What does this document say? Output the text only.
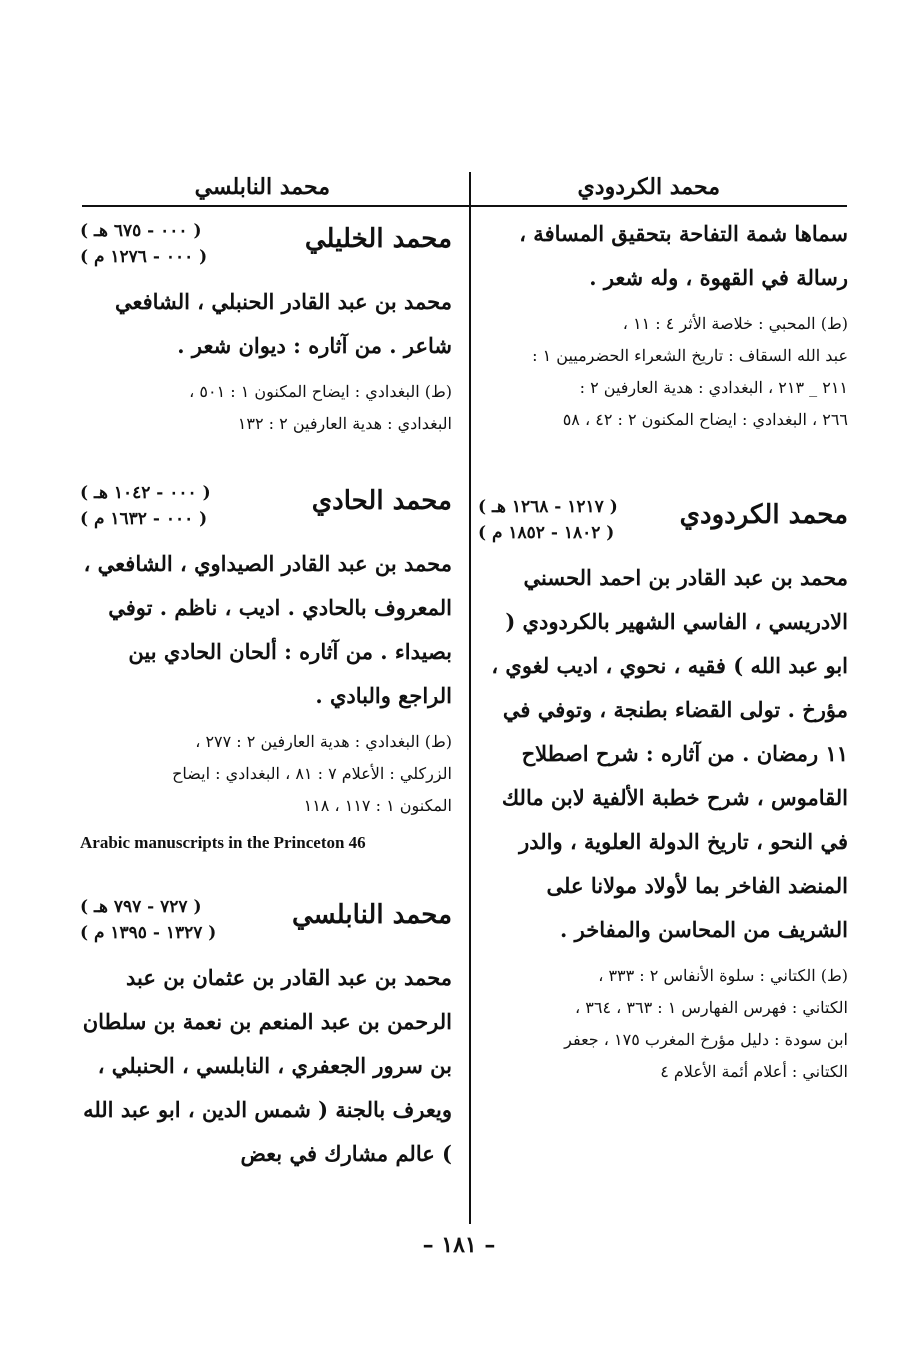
محمد الكردودي
محمد النابلسي

سماها شمة التفاحة بتحقيق المسافة ، رسالة في القهوة ، وله شعر .

(ط) المحبي : خلاصة الأثر ٤ : ١١ ،
عبد الله السقاف : تاريخ الشعراء الحضرميين ١ :
٢١١ _ ٢١٣ ، البغدادي : هدية العارفين ٢ :
٢٦٦ ، البغدادي : ايضاح المكنون ٢ : ٤٢ ، ٥٨
محمد الكردودي
( ١٢١٧ - ١٢٦٨ هـ )
( ١٨٠٢ - ١٨٥٢ م )

محمد بن عبد القادر بن احمد الحسني الادريسي ، الفاسي الشهير بالكردودي ( ابو عبد الله ) فقيه ، نحوي ، اديب لغوي ، مؤرخ . تولى القضاء بطنجة ، وتوفي في ١١ رمضان . من آثاره : شرح اصطلاح القاموس ، شرح خطبة الألفية لابن مالك في النحو ، تاريخ الدولة العلوية ، والدر المنضد الفاخر بما لأولاد مولانا على الشريف من المحاسن والمفاخر .

(ط) الكتاني : سلوة الأنفاس ٢ : ٣٣٣ ،
الكتاني : فهرس الفهارس ١ : ٣٦٣ ، ٣٦٤ ،
ابن سودة : دليل مؤرخ المغرب ١٧٥ ، جعفر
الكتاني : أعلام أئمة الأعلام ٤
محمد الخليلي
( ٠٠٠ - ٦٧٥ هـ )
( ٠٠٠ - ١٢٧٦ م )

محمد بن عبد القادر الحنبلي ، الشافعي شاعر . من آثاره : ديوان شعر .

(ط) البغدادي : ايضاح المكنون ١ : ٥٠١ ،
البغدادي : هدية العارفين ٢ : ١٣٢
محمد الحادي
( ٠٠٠ - ١٠٤٢ هـ )
( ٠٠٠ - ١٦٣٢ م )

محمد بن عبد القادر الصيداوي ، الشافعي ، المعروف بالحادي . اديب ، ناظم . توفي بصيداء . من آثاره : ألحان الحادي بين الراجع والبادي .

(ط) البغدادي : هدية العارفين ٢ : ٢٧٧ ،
الزركلي : الأعلام ٧ : ٨١ ، البغدادي : ايضاح
المكنون ١ : ١١٧ ، ١١٨
Arabic manuscripts in the Princeton 46
محمد النابلسي
( ٧٢٧ - ٧٩٧ هـ )
( ١٣٢٧ - ١٣٩٥ م )

محمد بن عبد القادر بن عثمان بن عبد الرحمن بن عبد المنعم بن نعمة بن سلطان بن سرور الجعفري ، النابلسي ، الحنبلي ، ويعرف بالجنة ( شمس الدين ، ابو عبد الله ) عالم مشارك في بعض

– ١٨١ –
